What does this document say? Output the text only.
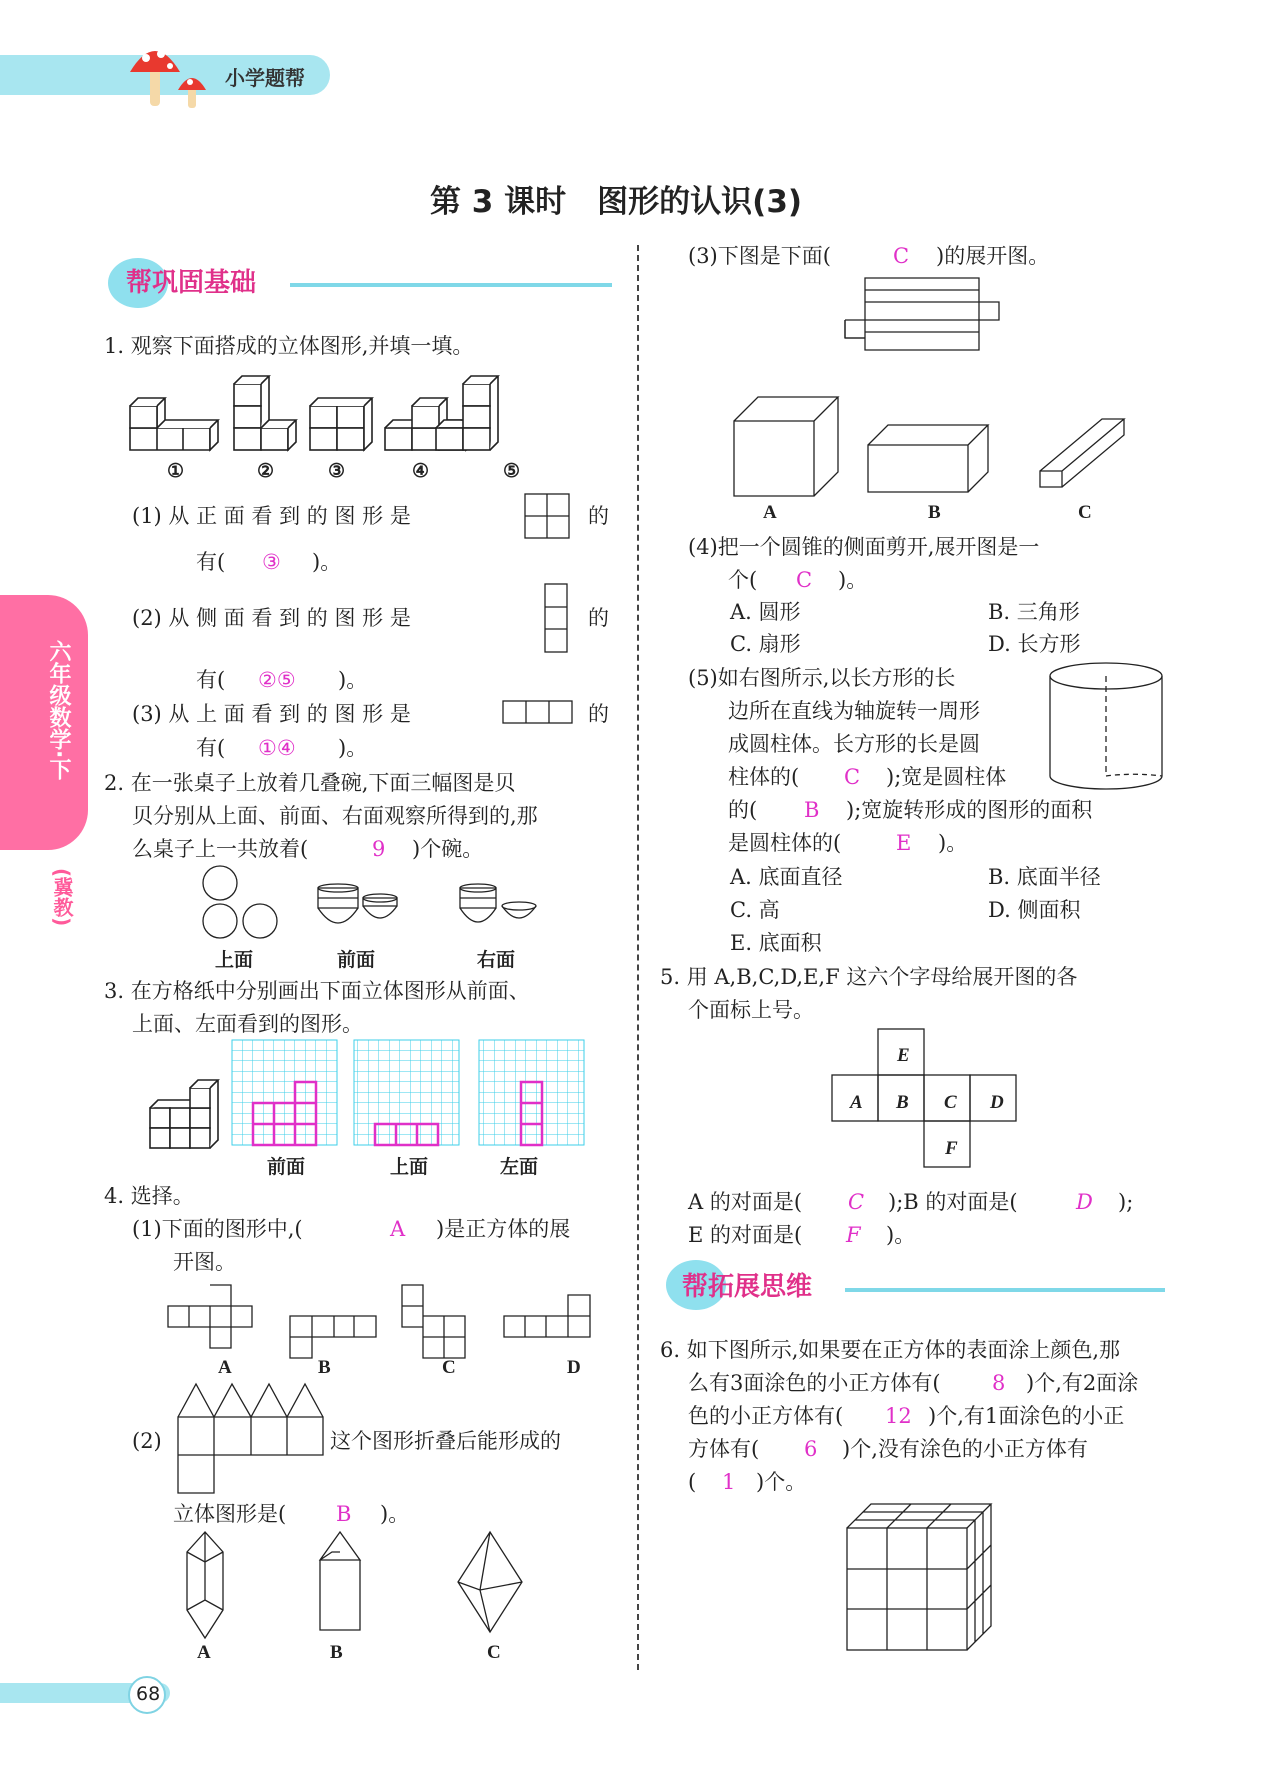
小学题帮
第 3 课时　图形的认识(3)
六年级数学·下
(冀教)
68
帮巩固基础
1. 观察下面搭成的立体图形,并填一填。
①	②	③	④	⑤
(1) 从 正 面 看 到 的 图 形 是	的
有( ③ )。
(2) 从 侧 面 看 到 的 图 形 是	的
有( ②⑤ )。
(3) 从 上 面 看 到 的 图 形 是	的
有( ①④ )。
2. 在一张桌子上放着几叠碗,下面三幅图是贝
贝分别从上面、前面、右面观察所得到的,那
么桌子上一共放着(	9 )个碗。
上面	前面	右面
3. 在方格纸中分别画出下面立体图形从前面、
上面、左面看到的图形。
前面	上面	左面
4. 选择。
(1)下面的图形中,(	A )是正方体的展
开图。
A	B	C	D
(2)	这个图形折叠后能形成的
立体图形是( B )。
A	B	C
(3)下图是下面(	C )的展开图。
A	B	C
(4)把一个圆锥的侧面剪开,展开图是一
个( C )。
A. 圆形	B. 三角形
C. 扇形	D. 长方形
(5)如右图所示,以长方形的长
边所在直线为轴旋转一周形
成圆柱体。长方形的长是圆
柱体的( C );宽是圆柱体
的( B );宽旋转形成的图形的面积
是圆柱体的(	E )。
A. 底面直径	B. 底面半径
C. 高	D. 侧面积
E. 底面积
5. 用 A,B,C,D,E,F 这六个字母给展开图的各
个面标上号。
E
A B C D
F
A 的对面是( C );B 的对面是(	D );
E 的对面是( F )。
帮拓展思维
6. 如下图所示,如果要在正方体的表面涂上颜色,那
么有3面涂色的小正方体有( 8 )个,有2面涂
色的小正方体有( 12 )个,有1面涂色的小正
方体有( 6 )个,没有涂色的小正方体有
( 1 )个。
